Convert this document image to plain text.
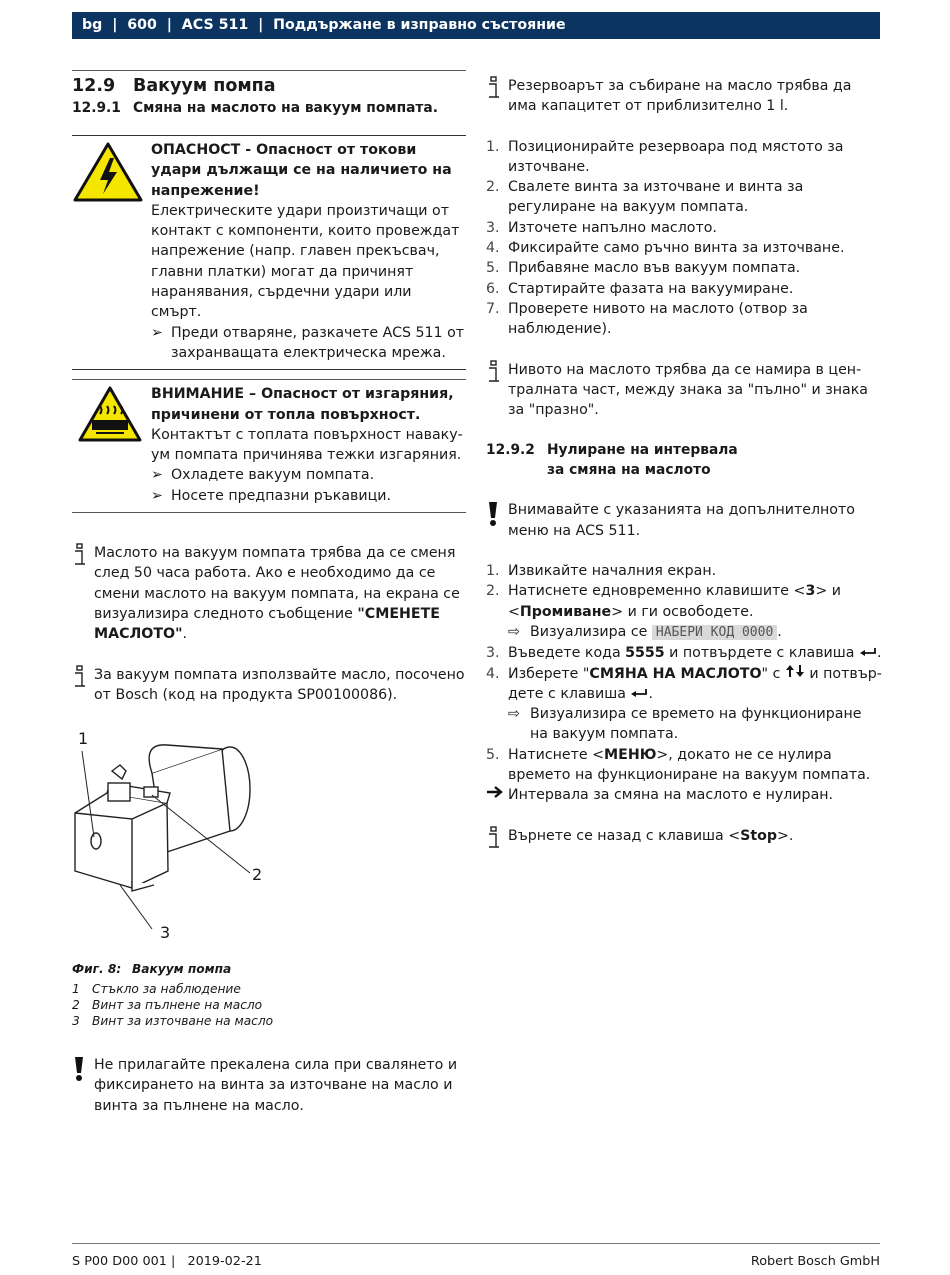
bg  |  600  |  ACS 511  |  Поддържане в изправно състояние
12.9 Вакуум помпа
12.9.1 Смяна на маслото на вакуум помпата.
ОПАСНОСТ - Опасност от токови удари дължащи се на наличието на напрежение!
Електрическите удари произтичащи от контакт с компоненти, които провеждат напрежение (напр. главен прекъсвач, главни платки) могат да причинят наранявания, сърдечни удари или смърт.
➢ Преди отваряне, разкачете ACS 511 от захранващата електрическа мрежа.
ВНИМАНИЕ – Опасност от изгаряния, причинени от топла повърхност.
Контактът с топлата повърхност навакуум помпата причинява тежки изгаряния.
➢ Охладете вакуум помпата.
➢ Носете предпазни ръкавици.
Маслото на вакуум помпата трябва да се сменя след 50 часа работа. Ако е необходимо да се смени маслото на вакуум помпата, на екрана се визуализира следното съобщение "СМЕНЕТЕ МАСЛОТО".
За вакуум помпата използвайте масло, посочено от Bosch (код на продукта SP00100086).
1
2
3
Фиг. 8: Вакуум помпа
1 Стъкло за наблюдение
2 Винт за пълнене на масло
3 Винт за източване на масло
Не прилагайте прекалена сила при свалянето и фиксирането на винта за източване на масло и винта за пълнене на масло.
Резервоарът за събиране на масло трябва да има капацитет от приблизително 1 l.
1. Позиционирайте резервоара под мястото за източване.
2. Свалете винта за източване и винта за регулиране на вакуум помпата.
3. Източете напълно маслото.
4. Фиксирайте само ръчно винта за източване.
5. Прибавяне масло във вакуум помпата.
6. Стартирайте фазата на вакуумиране.
7. Проверете нивото на маслото (отвор за наблюдение).
Нивото на маслото трябва да се намира в централната част, между знака за "пълно" и знака за "празно".
12.9.2 Нулиране на интервала
за смяна на маслото
Внимавайте с указанията на допълнителното меню на ACS 511.
1. Извикайте началния екран.
2. Натиснете едновременно клавишите <3> и <Промиване> и ги освободете.
⇨ Визуализира се НАБЕРИ КОД 0000 .
3. Въведете кода 5555 и потвърдете с клавиша .
4. Изберете "СМЯНА НА МАСЛОТО" с  и потвърдете с клавиша .
⇨ Визуализира се времето на функциониране на вакуум помпата.
5. Натиснете <МЕНЮ>, докато не се нулира времето на функциониране на вакуум помпата.
Интервала за смяна на маслото е нулиран.
Върнете се назад с клавиша <Stop>.
S P00 D00 001 |   2019-02-21	Robert Bosch GmbH
